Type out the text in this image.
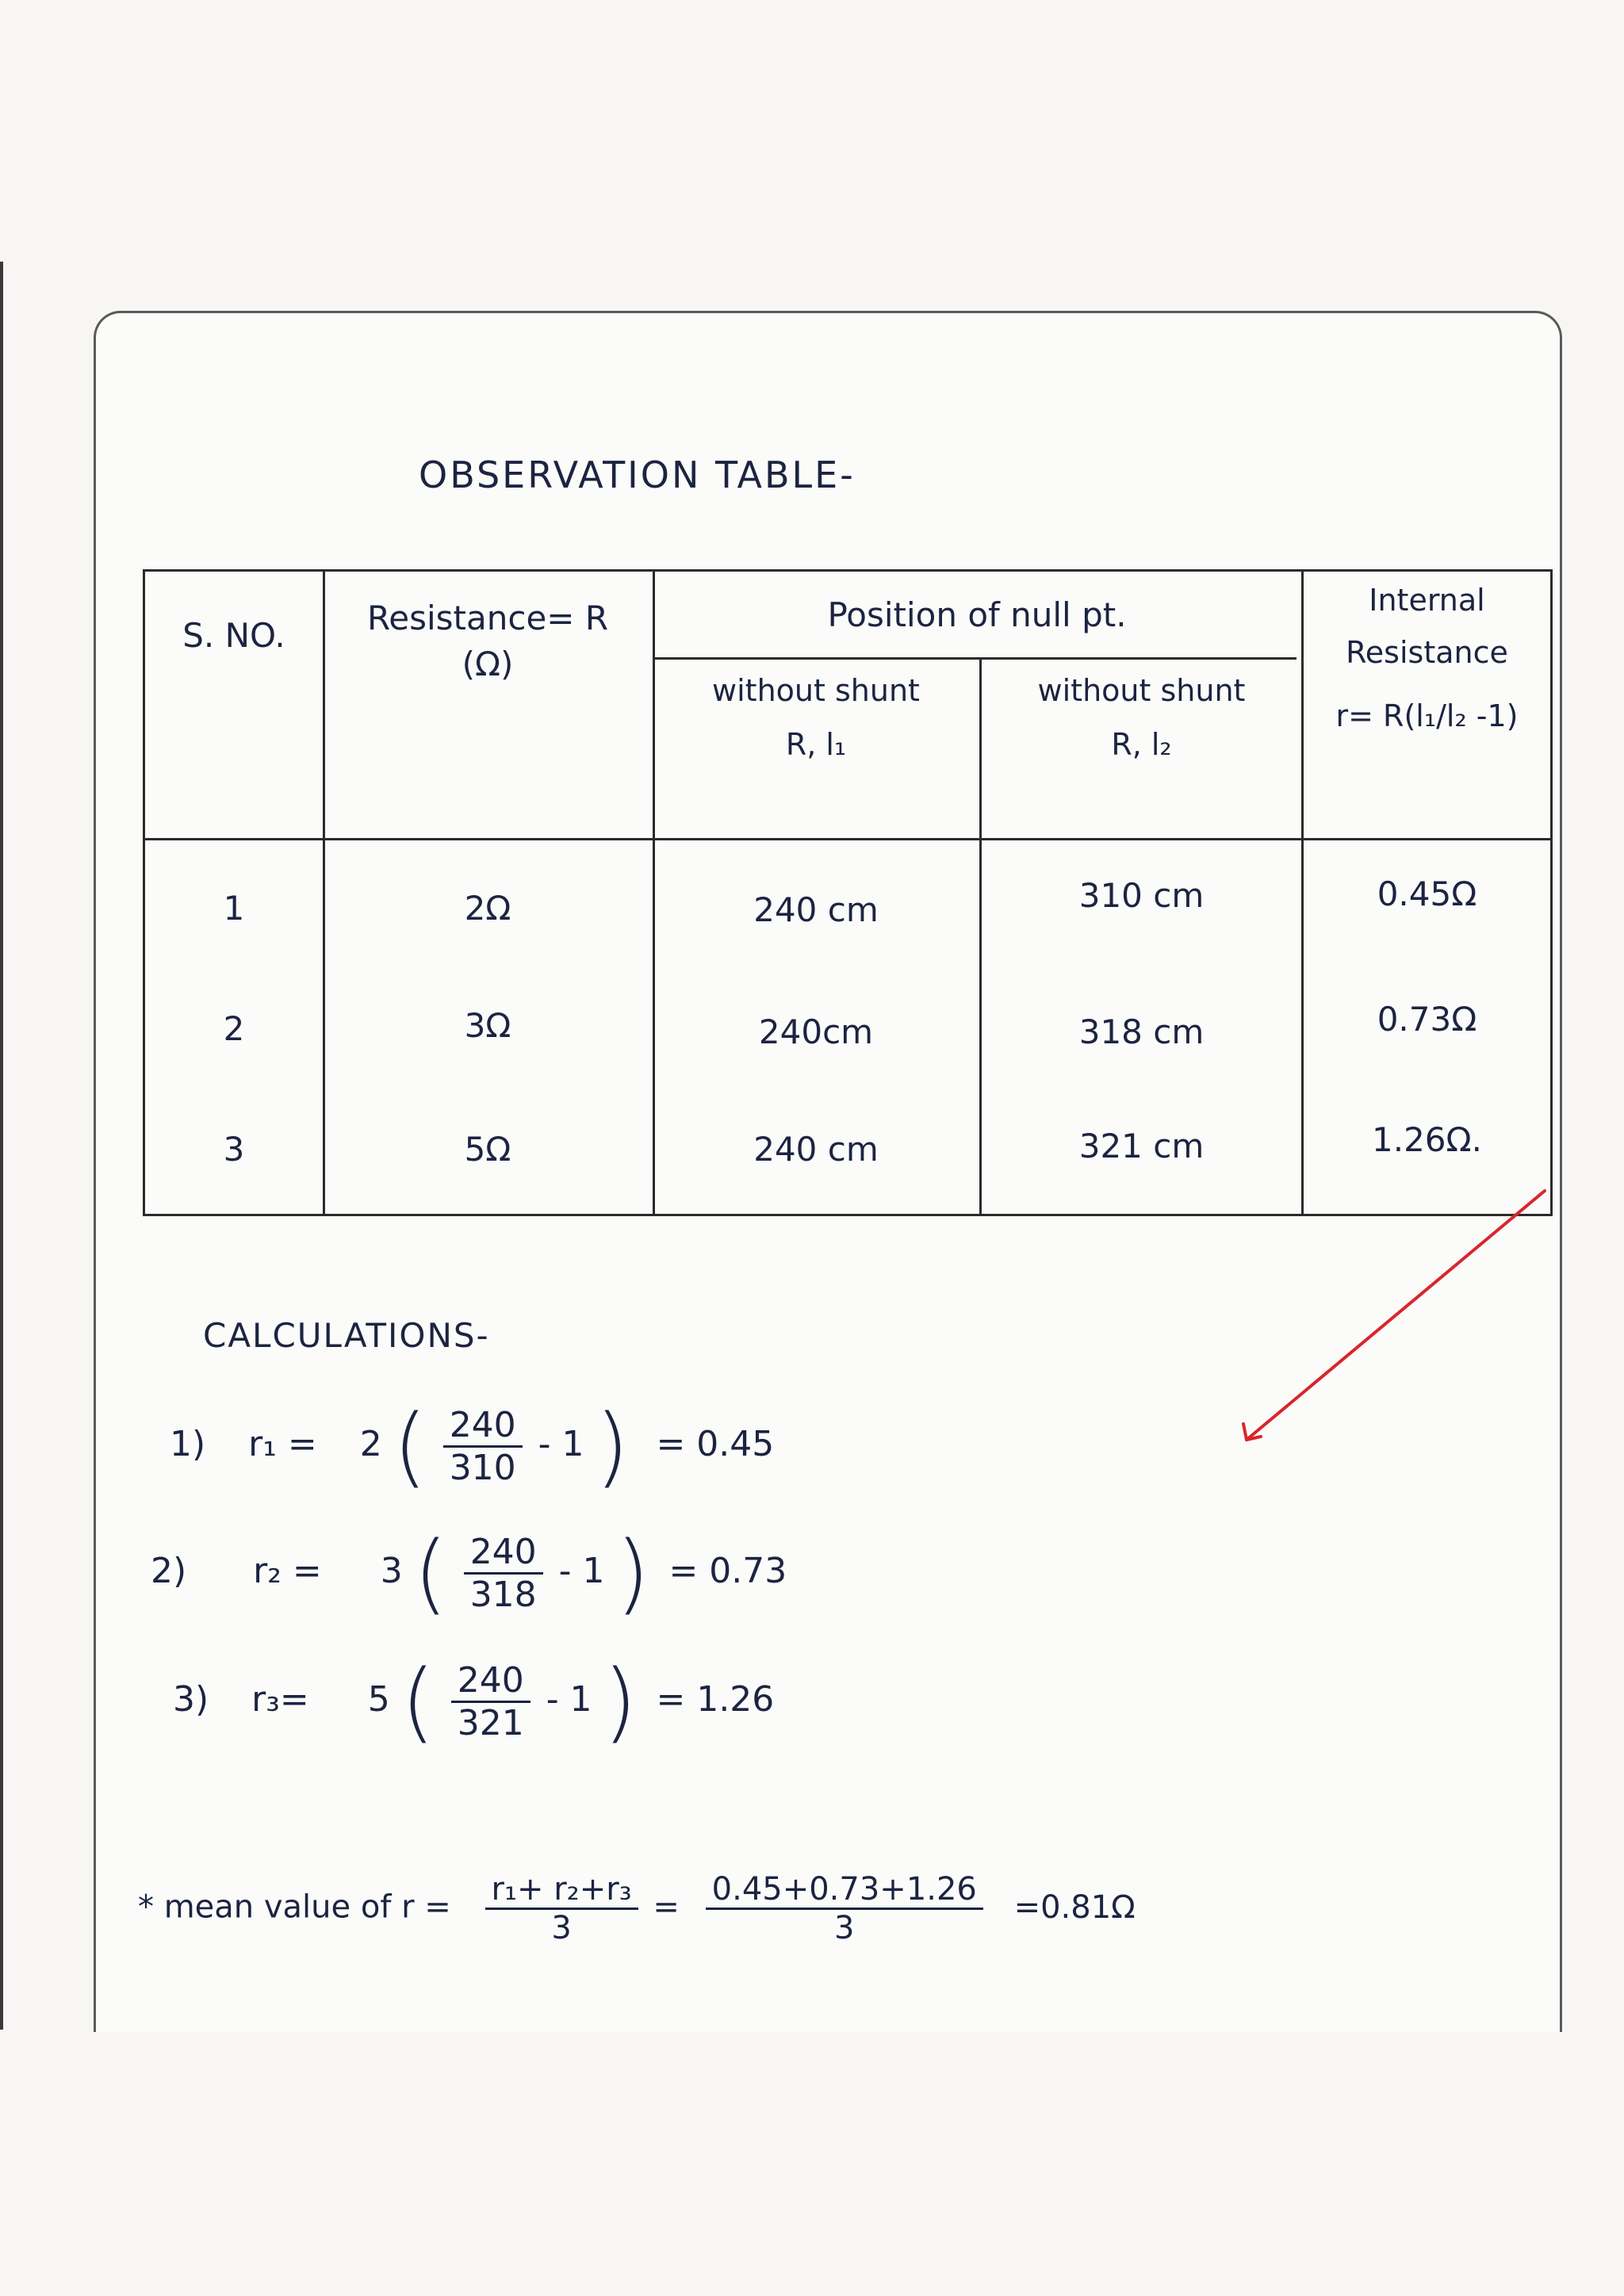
OBSERVATION TABLE-
S. NO.	Resistance= R
(Ω)
Position of null pt.
without shunt
R, l₁
without shunt
R, l₂
Internal
Resistance
r= R(l₁/l₂ -1)
1	2Ω	240 cm	310 cm	0.45Ω
2	3Ω	240cm	318 cm	0.73Ω
3	5Ω	240 cm	321 cm	1.26Ω.
CALCULATIONS-
1) r₁ = 2 ( $\frac{240}{310} - 1$ ) = 0.45
2) r₂ = 3 ( $\frac{240}{318} - 1$ ) = 0.73
3) r₃= 5 ( $\frac{240}{321} - 1$ ) = 1.26
* mean value of $r = \frac{\text{r₁+ r₂+r₃}}{3} = \frac{0.45+0.73+1.26}{3} =0.81\Omega$
